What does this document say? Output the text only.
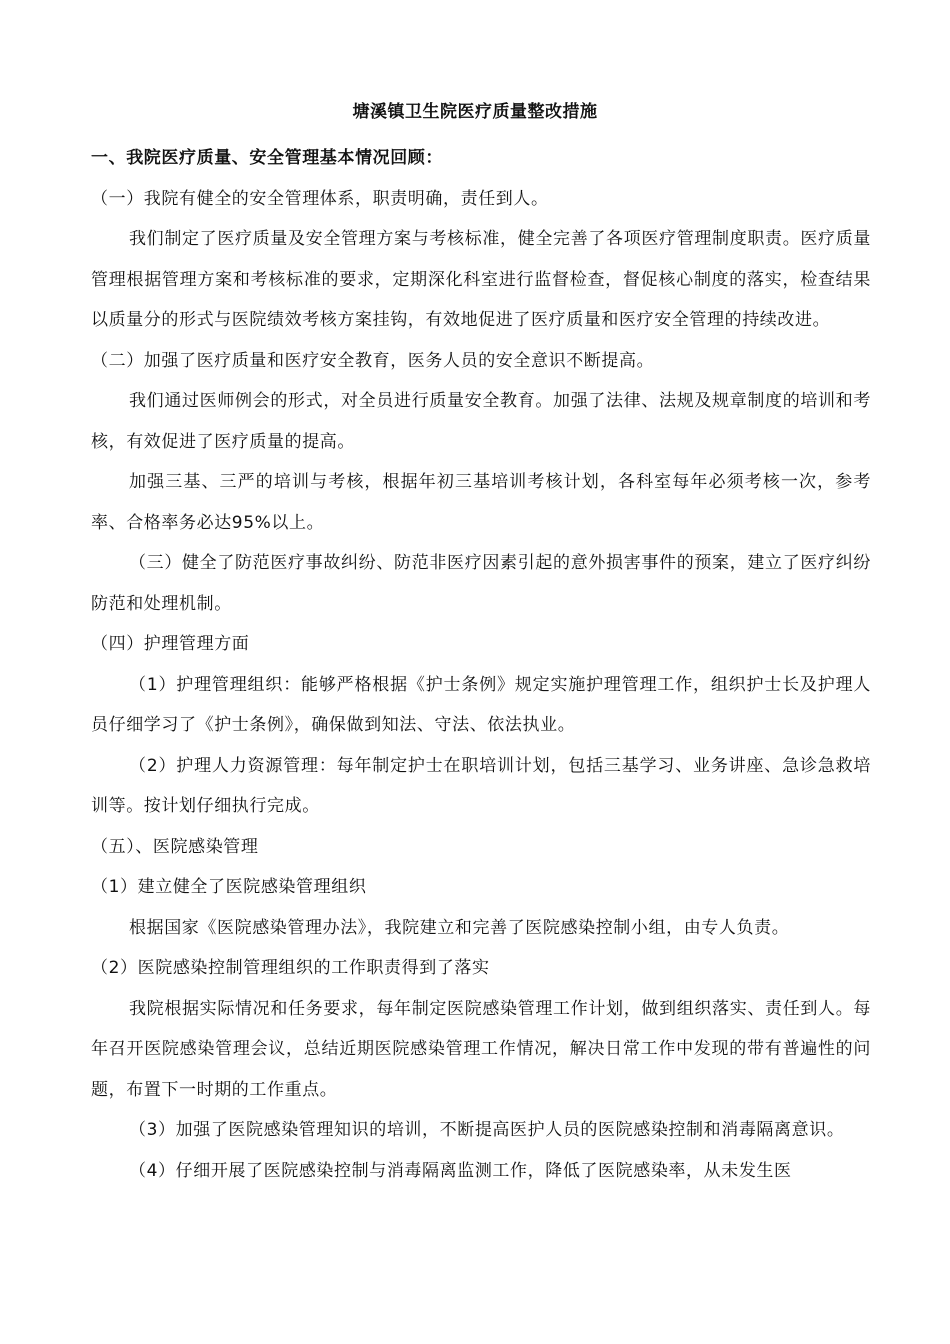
塘溪镇卫生院医疗质量整改措施

一、我院医疗质量、安全管理基本情况回顾：

（一）我院有健全的安全管理体系，职责明确，责任到人。

我们制定了医疗质量及安全管理方案与考核标准，健全完善了各项医疗管理制度职责。医疗质量管理根据管理方案和考核标准的要求，定期深化科室进行监督检查，督促核心制度的落实，检查结果以质量分的形式与医院绩效考核方案挂钩，有效地促进了医疗质量和医疗安全管理的持续改进。

（二）加强了医疗质量和医疗安全教育，医务人员的安全意识不断提高。

我们通过医师例会的形式，对全员进行质量安全教育。加强了法律、法规及规章制度的培训和考核，有效促进了医疗质量的提高。

加强三基、三严的培训与考核，根据年初三基培训考核计划，各科室每年必须考核一次，参考率、合格率务必达95%以上。

（三）健全了防范医疗事故纠纷、防范非医疗因素引起的意外损害事件的预案，建立了医疗纠纷防范和处理机制。

（四）护理管理方面

（1）护理管理组织：能够严格根据《护士条例》规定实施护理管理工作，组织护士长及护理人员仔细学习了《护士条例》，确保做到知法、守法、依法执业。

（2）护理人力资源管理：每年制定护士在职培训计划，包括三基学习、业务讲座、急诊急救培训等。按计划仔细执行完成。

（五）、医院感染管理

（1）建立健全了医院感染管理组织

根据国家《医院感染管理办法》，我院建立和完善了医院感染控制小组，由专人负责。

（2）医院感染控制管理组织的工作职责得到了落实

我院根据实际情况和任务要求，每年制定医院感染管理工作计划，做到组织落实、责任到人。每年召开医院感染管理会议，总结近期医院感染管理工作情况，解决日常工作中发现的带有普遍性的问题，布置下一时期的工作重点。

（3）加强了医院感染管理知识的培训，不断提高医护人员的医院感染控制和消毒隔离意识。

（4）仔细开展了医院感染控制与消毒隔离监测工作，降低了医院感染率，从未发生医
